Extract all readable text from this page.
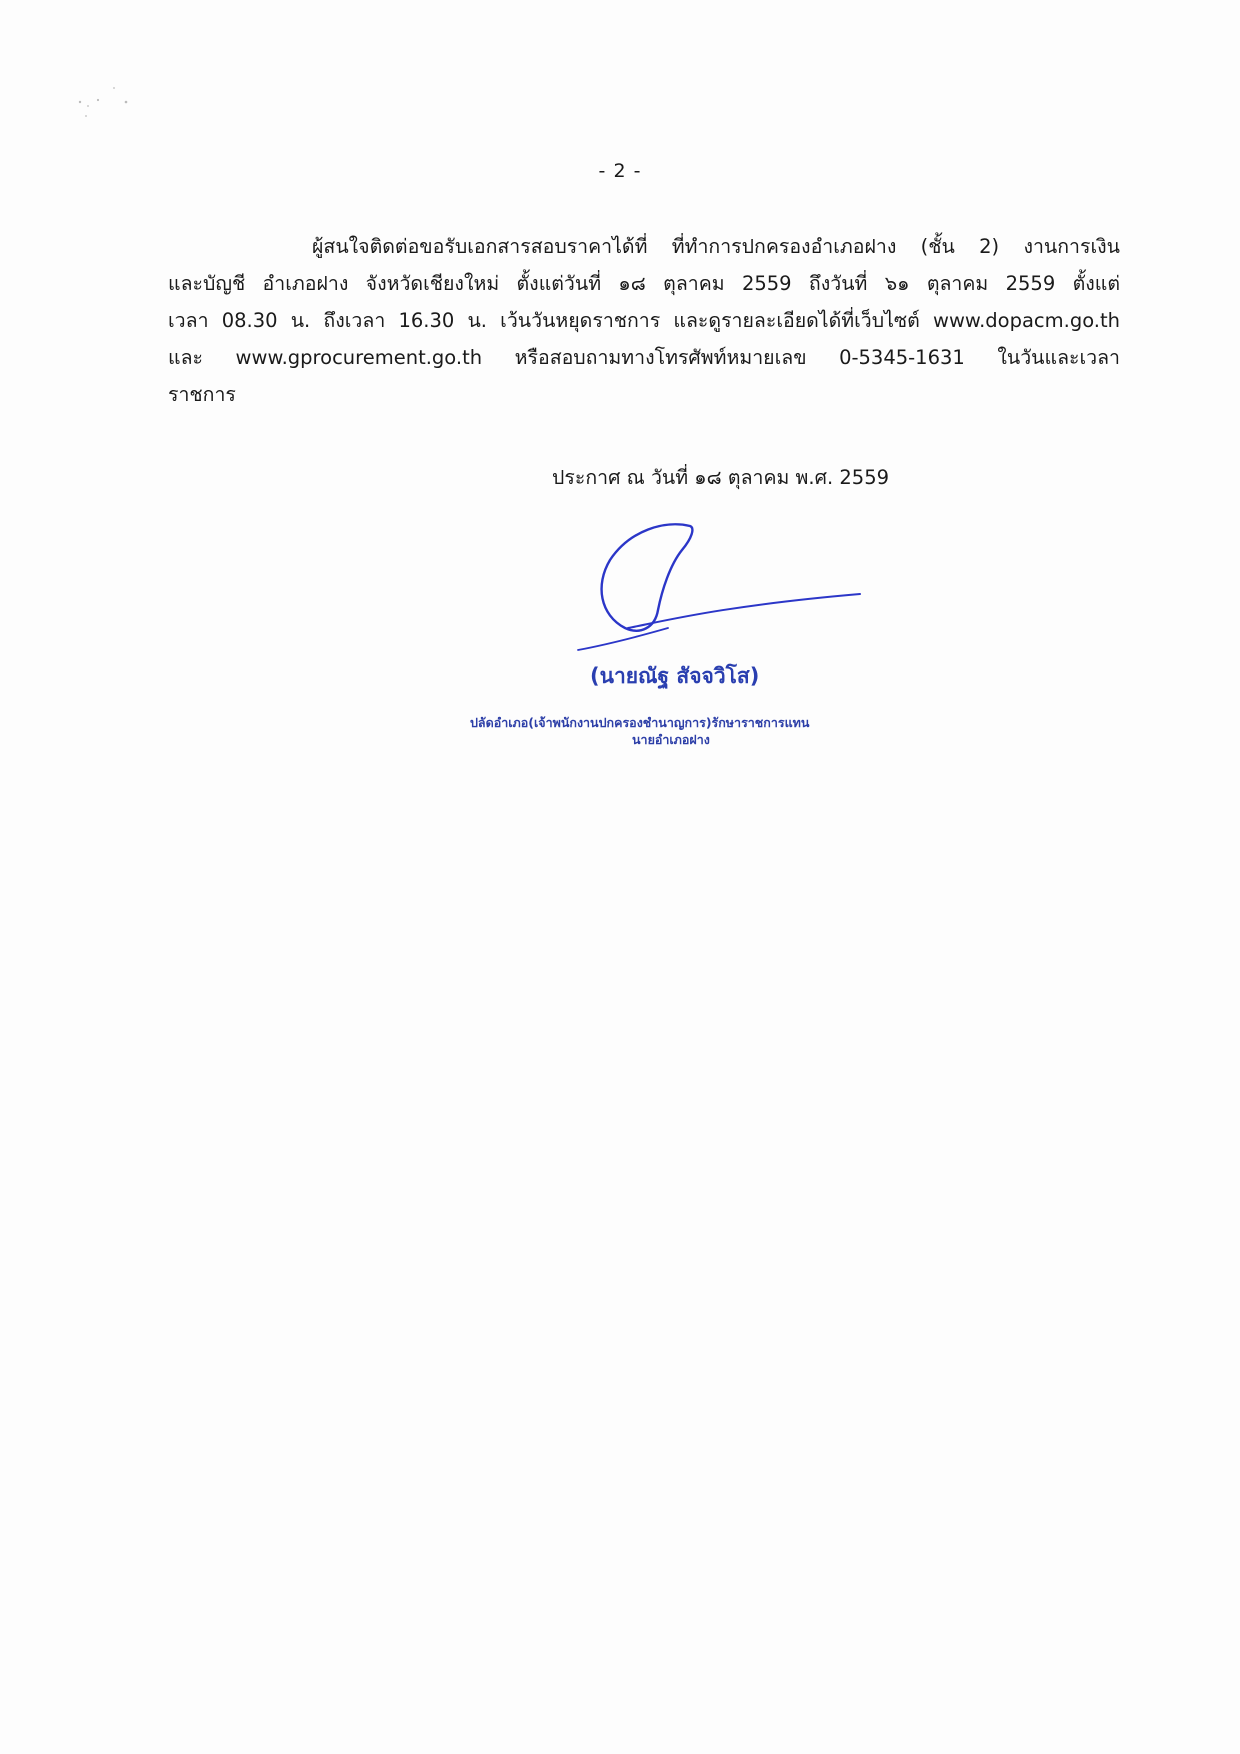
- 2 -
ผู้สนใจติดต่อขอรับเอกสารสอบราคาได้ที่ ที่ทำการปกครองอำเภอฝาง (ชั้น 2) งานการเงิน
และบัญชี อำเภอฝาง จังหวัดเชียงใหม่ ตั้งแต่วันที่ ๑๘ ตุลาคม 2559 ถึงวันที่ ๖๑ ตุลาคม 2559 ตั้งแต่
เวลา 08.30 น. ถึงเวลา 16.30 น. เว้นวันหยุดราชการ และดูรายละเอียดได้ที่เว็บไซต์ www.dopacm.go.th
และ www.gprocurement.go.th หรือสอบถามทางโทรศัพท์หมายเลข 0-5345-1631 ในวันและเวลา
ราชการ
ประกาศ ณ วันที่ ๑๘ ตุลาคม พ.ศ. 2559
(นายณัฐ สัจจวิโส)
ปลัดอำเภอ(เจ้าพนักงานปกครองชำนาญการ)รักษาราชการแทน
นายอำเภอฝาง
